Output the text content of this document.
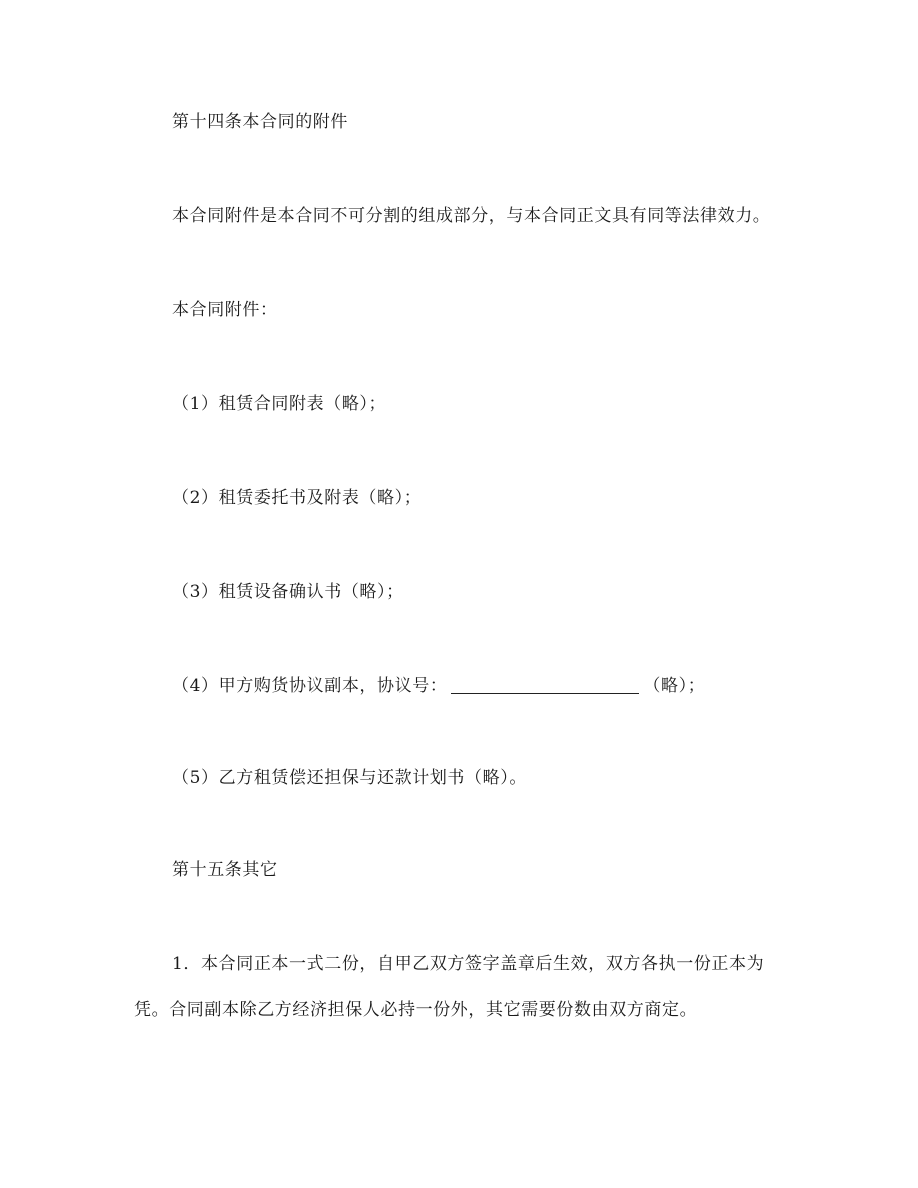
第十四条本合同的附件
本合同附件是本合同不可分割的组成部分，与本合同正文具有同等法律效力。
本合同附件：
（1）租赁合同附表（略）；
（2）租赁委托书及附表（略）；
（3）租赁设备确认书（略）；
（4）甲方购货协议副本，协议号：	（略）；
（5）乙方租赁偿还担保与还款计划书（略）。
第十五条其它
1．本合同正本一式二份，自甲乙双方签字盖章后生效，双方各执一份正本为
凭。合同副本除乙方经济担保人必持一份外，其它需要份数由双方商定。
